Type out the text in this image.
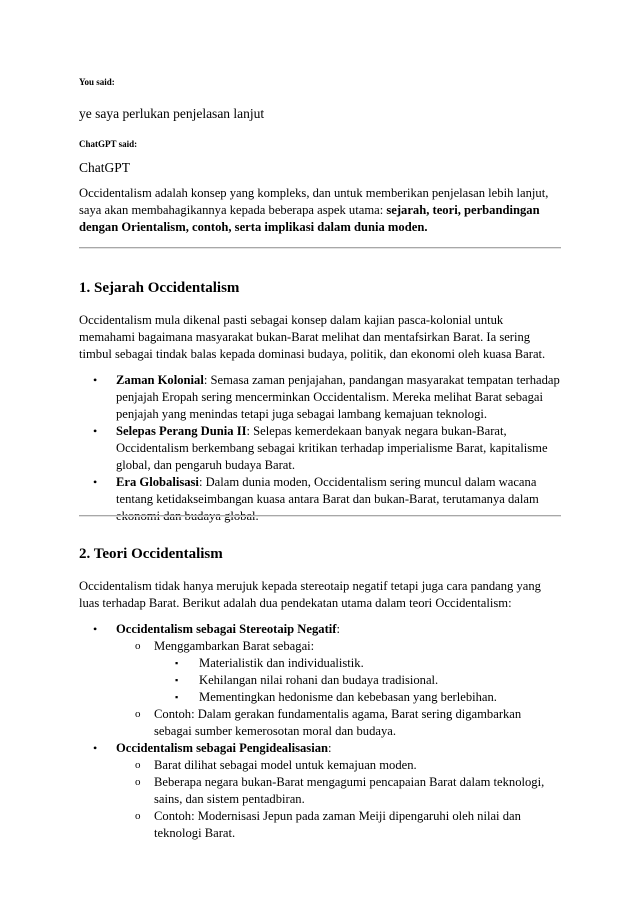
You said:
ye saya perlukan penjelasan lanjut
ChatGPT said:
ChatGPT

Occidentalism adalah konsep yang kompleks, dan untuk memberikan penjelasan lebih lanjut, saya akan membahagikannya kepada beberapa aspek utama: sejarah, teori, perbandingan dengan Orientalism, contoh, serta implikasi dalam dunia moden.

1. Sejarah Occidentalism

Occidentalism mula dikenal pasti sebagai konsep dalam kajian pasca-kolonial untuk memahami bagaimana masyarakat bukan-Barat melihat dan mentafsirkan Barat. Ia sering timbul sebagai tindak balas kepada dominasi budaya, politik, dan ekonomi oleh kuasa Barat.

• Zaman Kolonial: Semasa zaman penjajahan, pandangan masyarakat tempatan terhadap penjajah Eropah sering mencerminkan Occidentalism. Mereka melihat Barat sebagai penjajah yang menindas tetapi juga sebagai lambang kemajuan teknologi.
• Selepas Perang Dunia II: Selepas kemerdekaan banyak negara bukan-Barat, Occidentalism berkembang sebagai kritikan terhadap imperialisme Barat, kapitalisme global, dan pengaruh budaya Barat.
• Era Globalisasi: Dalam dunia moden, Occidentalism sering muncul dalam wacana tentang ketidakseimbangan kuasa antara Barat dan bukan-Barat, terutamanya dalam ekonomi dan budaya global.
2. Teori Occidentalism

Occidentalism tidak hanya merujuk kepada stereotaip negatif tetapi juga cara pandang yang luas terhadap Barat. Berikut adalah dua pendekatan utama dalam teori Occidentalism:

• Occidentalism sebagai Stereotaip Negatif:
o Menggambarkan Barat sebagai:
▪ Materialistik dan individualistik.
▪ Kehilangan nilai rohani dan budaya tradisional.
▪ Mementingkan hedonisme dan kebebasan yang berlebihan.
o Contoh: Dalam gerakan fundamentalis agama, Barat sering digambarkan sebagai sumber kemerosotan moral dan budaya.
• Occidentalism sebagai Pengidealisasian:
o Barat dilihat sebagai model untuk kemajuan moden.
o Beberapa negara bukan-Barat mengagumi pencapaian Barat dalam teknologi, sains, dan sistem pentadbiran.
o Contoh: Modernisasi Jepun pada zaman Meiji dipengaruhi oleh nilai dan teknologi Barat.
